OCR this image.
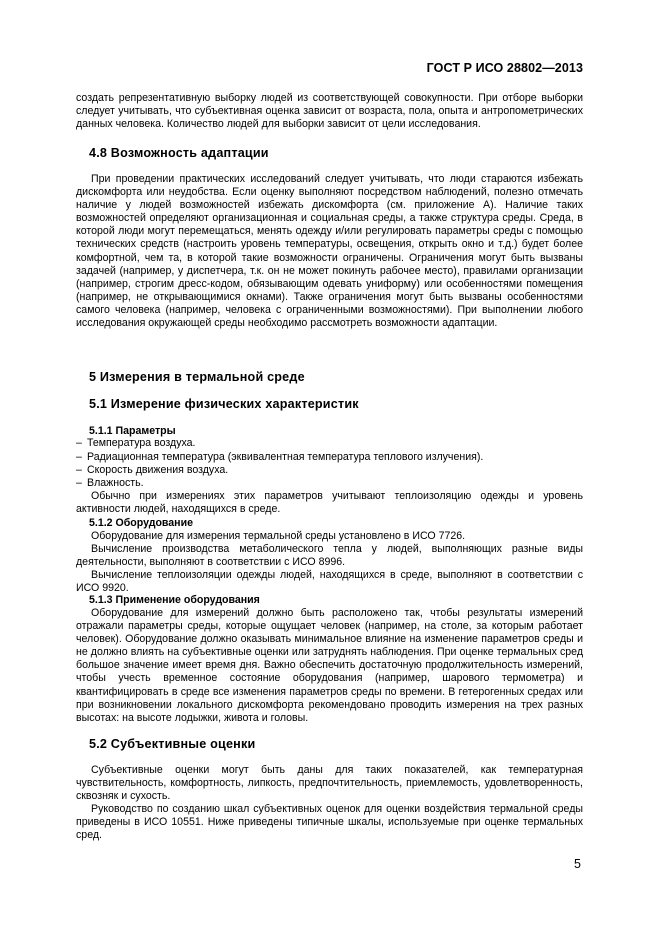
ГОСТ Р ИСО 28802—2013

создать репрезентативную выборку людей из соответствующей совокупности. При отборе выборки следует учитывать, что субъективная оценка зависит от возраста, пола, опыта и антропометрических данных человека. Количество людей для выборки зависит от цели исследования.

4.8 Возможность адаптации

При проведении практических исследований следует учитывать, что люди стараются избежать дискомфорта или неудобства. Если оценку выполняют посредством наблюдений, полезно отмечать наличие у людей возможностей избежать дискомфорта (см. приложение А). Наличие таких возможностей определяют организационная и социальная среды, а также структура среды. Среда, в которой люди могут перемещаться, менять одежду и/или регулировать параметры среды с помощью технических средств (настроить уровень температуры, освещения, открыть окно и т.д.) будет более комфортной, чем та, в которой такие возможности ограничены. Ограничения могут быть вызваны задачей (например, у диспетчера, т.к. он не может покинуть рабочее место), правилами организации (например, строгим дресс-кодом, обязывающим одевать униформу) или особенностями помещения (например, не открывающимися окнами). Также ограничения могут быть вызваны особенностями самого человека (например, человека с ограниченными возможностями). При выполнении любого исследования окружающей среды необходимо рассмотреть возможности адаптации.

5 Измерения в термальной среде
5.1 Измерение физических характеристик
5.1.1 Параметры
– Температура воздуха.
– Радиационная температура (эквивалентная температура теплового излучения).
– Скорость движения воздуха.
– Влажность.

Обычно при измерениях этих параметров учитывают теплоизоляцию одежды и уровень активности людей, находящихся в среде.

5.1.2 Оборудование

Оборудование для измерения термальной среды установлено в ИСО 7726.

Вычисление производства метаболического тепла у людей, выполняющих разные виды деятельности, выполняют в соответствии с ИСО 8996.

Вычисление теплоизоляции одежды людей, находящихся в среде, выполняют в соответствии с ИСО 9920.

5.1.3 Применение оборудования

Оборудование для измерений должно быть расположено так, чтобы результаты измерений отражали параметры среды, которые ощущает человек (например, на столе, за которым работает человек). Оборудование должно оказывать минимальное влияние на изменение параметров среды и не должно влиять на субъективные оценки или затруднять наблюдения. При оценке термальных сред большое значение имеет время дня. Важно обеспечить достаточную продолжительность измерений, чтобы учесть временное состояние оборудования (например, шарового термометра) и квантифицировать в среде все изменения параметров среды по времени. В гетерогенных средах или при возникновении локального дискомфорта рекомендовано проводить измерения на трех разных высотах: на высоте лодыжки, живота и головы.

5.2 Субъективные оценки

Субъективные оценки могут быть даны для таких показателей, как температурная чувствительность, комфортность, липкость, предпочтительность, приемлемость, удовлетворенность, сквозняк и сухость.

Руководство по созданию шкал субъективных оценок для оценки воздействия термальной среды приведены в ИСО 10551. Ниже приведены типичные шкалы, используемые при оценке термальных сред.

5
